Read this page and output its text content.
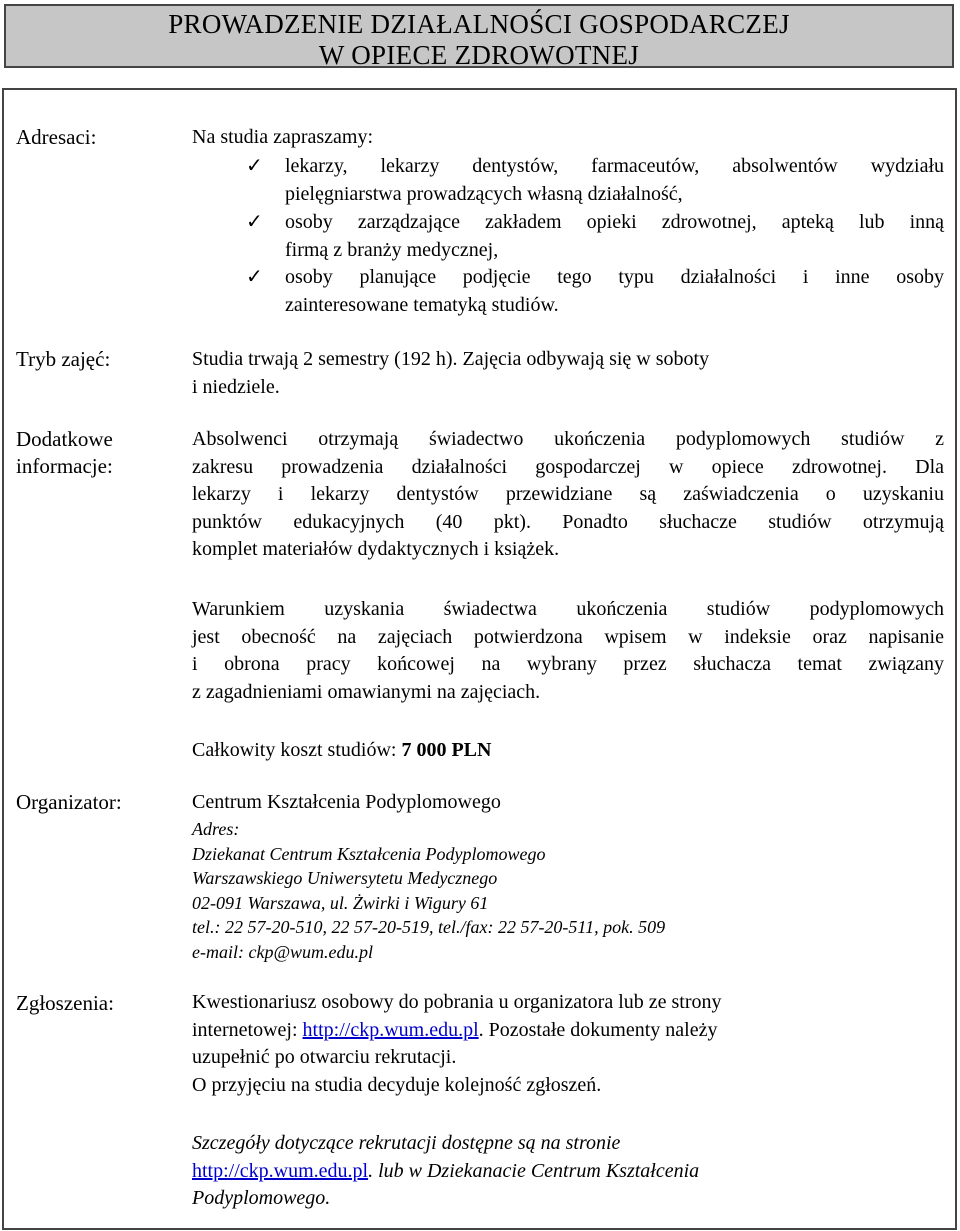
PROWADZENIE DZIAŁALNOŚCI GOSPODARCZEJ
W OPIECE ZDROWOTNEJ
Adresaci:
Tryb zajęć:
Dodatkowe
informacje:
Organizator:
Zgłoszenia:
Na studia zapraszamy:
✓ lekarzy, lekarzy dentystów, farmaceutów, absolwentów wydziału
pielęgniarstwa prowadzących własną działalność,
✓ osoby zarządzające zakładem opieki zdrowotnej, apteką lub inną
firmą z branży medycznej,
✓ osoby planujące podjęcie tego typu działalności i inne osoby
zainteresowane tematyką studiów.
Studia trwają 2 semestry (192 h). Zajęcia odbywają się w soboty
i niedziele.
Absolwenci otrzymają świadectwo ukończenia podyplomowych studiów z
zakresu prowadzenia działalności gospodarczej w opiece zdrowotnej. Dla
lekarzy i lekarzy dentystów przewidziane są zaświadczenia o uzyskaniu
punktów edukacyjnych (40 pkt). Ponadto słuchacze studiów otrzymują
komplet materiałów dydaktycznych i książek.
Warunkiem uzyskania świadectwa ukończenia studiów podyplomowych
jest obecność na zajęciach potwierdzona wpisem w indeksie oraz napisanie
i obrona pracy końcowej na wybrany przez słuchacza temat związany
z zagadnieniami omawianymi na zajęciach.
Całkowity koszt studiów: 7 000 PLN
Centrum Kształcenia Podyplomowego
Adres:
Dziekanat Centrum Kształcenia Podyplomowego
Warszawskiego Uniwersytetu Medycznego
02-091 Warszawa, ul. Żwirki i Wigury 61
tel.: 22 57-20-510, 22 57-20-519, tel./fax: 22 57-20-511, pok. 509
e-mail: ckp@wum.edu.pl
Kwestionariusz osobowy do pobrania u organizatora lub ze strony
internetowej: http://ckp.wum.edu.pl. Pozostałe dokumenty należy
uzupełnić po otwarciu rekrutacji.
O przyjęciu na studia decyduje kolejność zgłoszeń.
Szczegóły dotyczące rekrutacji dostępne są na stronie
http://ckp.wum.edu.pl. lub w Dziekanacie Centrum Kształcenia
Podyplomowego.
